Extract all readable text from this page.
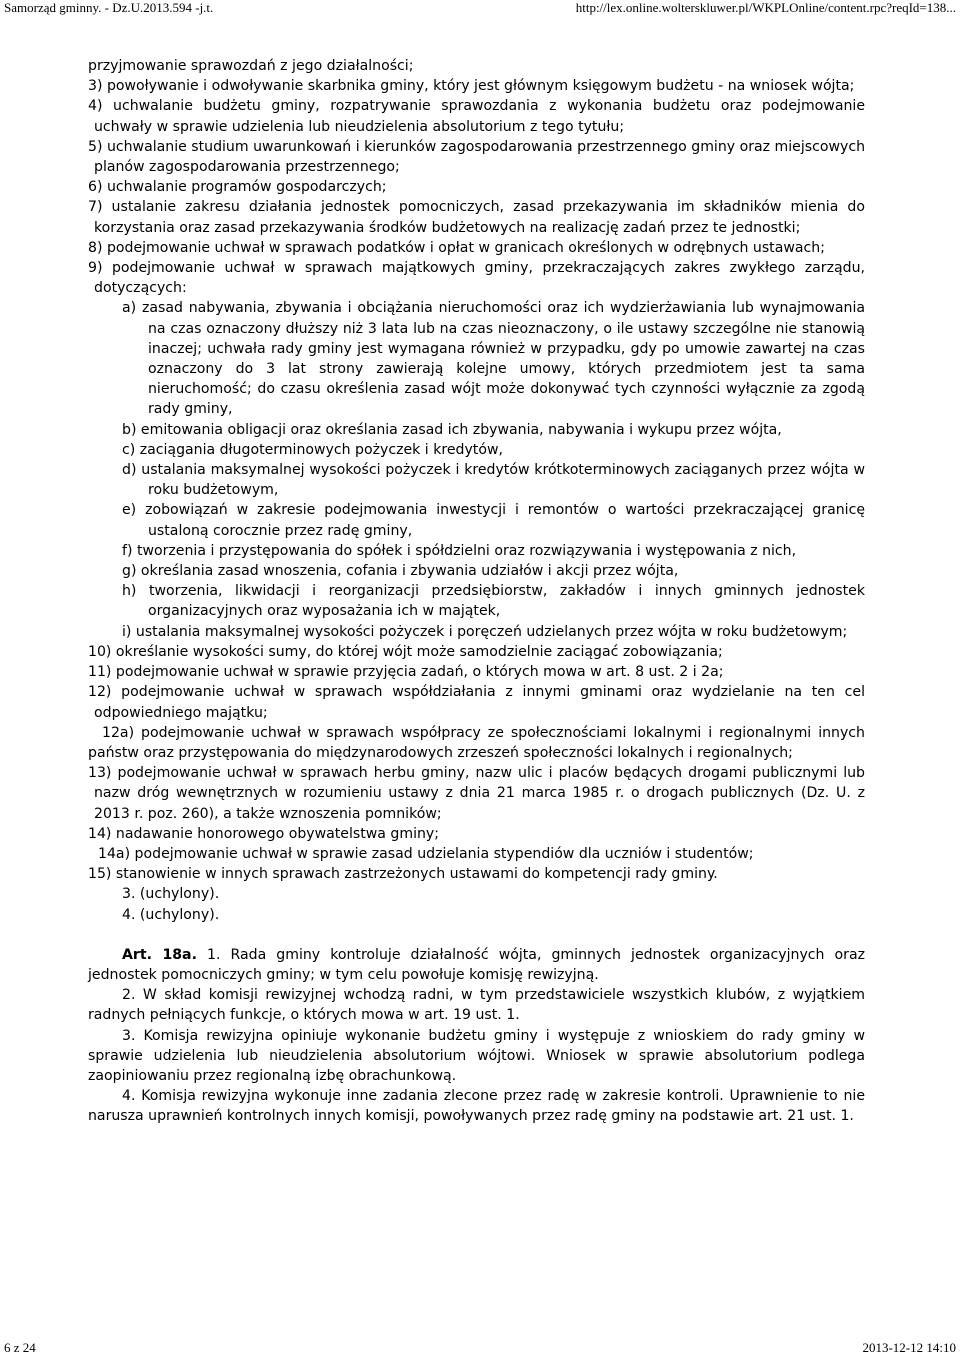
Samorząd gminny. - Dz.U.2013.594 -j.t.	http://lex.online.wolterskluwer.pl/WKPLOnline/content.rpc?reqId=138...

przyjmowanie sprawozdań z jego działalności;

3) powoływanie i odwoływanie skarbnika gminy, który jest głównym księgowym budżetu - na wniosek wójta;

4) uchwalanie budżetu gminy, rozpatrywanie sprawozdania z wykonania budżetu oraz podejmowanie uchwały w sprawie udzielenia lub nieudzielenia absolutorium z tego tytułu;

5) uchwalanie studium uwarunkowań i kierunków zagospodarowania przestrzennego gminy oraz miejscowych planów zagospodarowania przestrzennego;

6) uchwalanie programów gospodarczych;

7) ustalanie zakresu działania jednostek pomocniczych, zasad przekazywania im składników mienia do korzystania oraz zasad przekazywania środków budżetowych na realizację zadań przez te jednostki;

8) podejmowanie uchwał w sprawach podatków i opłat w granicach określonych w odrębnych ustawach;

9) podejmowanie uchwał w sprawach majątkowych gminy, przekraczających zakres zwykłego zarządu, dotyczących:

a) zasad nabywania, zbywania i obciążania nieruchomości oraz ich wydzierżawiania lub wynajmowania na czas oznaczony dłuższy niż 3 lata lub na czas nieoznaczony, o ile ustawy szczególne nie stanowią inaczej; uchwała rady gminy jest wymagana również w przypadku, gdy po umowie zawartej na czas oznaczony do 3 lat strony zawierają kolejne umowy, których przedmiotem jest ta sama nieruchomość; do czasu określenia zasad wójt może dokonywać tych czynności wyłącznie za zgodą rady gminy,

b) emitowania obligacji oraz określania zasad ich zbywania, nabywania i wykupu przez wójta,

c) zaciągania długoterminowych pożyczek i kredytów,

d) ustalania maksymalnej wysokości pożyczek i kredytów krótkoterminowych zaciąganych przez wójta w roku budżetowym,

e) zobowiązań w zakresie podejmowania inwestycji i remontów o wartości przekraczającej granicę ustaloną corocznie przez radę gminy,

f) tworzenia i przystępowania do spółek i spółdzielni oraz rozwiązywania i występowania z nich,

g) określania zasad wnoszenia, cofania i zbywania udziałów i akcji przez wójta,

h) tworzenia, likwidacji i reorganizacji przedsiębiorstw, zakładów i innych gminnych jednostek organizacyjnych oraz wyposażania ich w majątek,

i) ustalania maksymalnej wysokości pożyczek i poręczeń udzielanych przez wójta w roku budżetowym;

10) określanie wysokości sumy, do której wójt może samodzielnie zaciągać zobowiązania;

11) podejmowanie uchwał w sprawie przyjęcia zadań, o których mowa w art. 8 ust. 2 i 2a;

12) podejmowanie uchwał w sprawach współdziałania z innymi gminami oraz wydzielanie na ten cel odpowiedniego majątku;

12a) podejmowanie uchwał w sprawach współpracy ze społecznościami lokalnymi i regionalnymi innych państw oraz przystępowania do międzynarodowych zrzeszeń społeczności lokalnych i regionalnych;

13) podejmowanie uchwał w sprawach herbu gminy, nazw ulic i placów będących drogami publicznymi lub nazw dróg wewnętrznych w rozumieniu ustawy z dnia 21 marca 1985 r. o drogach publicznych (Dz. U. z 2013 r. poz. 260), a także wznoszenia pomników;

14) nadawanie honorowego obywatelstwa gminy;

14a) podejmowanie uchwał w sprawie zasad udzielania stypendiów dla uczniów i studentów;

15) stanowienie w innych sprawach zastrzeżonych ustawami do kompetencji rady gminy.

3. (uchylony).

4. (uchylony).

Art. 18a. 1. Rada gminy kontroluje działalność wójta, gminnych jednostek organizacyjnych oraz jednostek pomocniczych gminy; w tym celu powołuje komisję rewizyjną.

2. W skład komisji rewizyjnej wchodzą radni, w tym przedstawiciele wszystkich klubów, z wyjątkiem radnych pełniących funkcje, o których mowa w art. 19 ust. 1.

3. Komisja rewizyjna opiniuje wykonanie budżetu gminy i występuje z wnioskiem do rady gminy w sprawie udzielenia lub nieudzielenia absolutorium wójtowi. Wniosek w sprawie absolutorium podlega zaopiniowaniu przez regionalną izbę obrachunkową.

4. Komisja rewizyjna wykonuje inne zadania zlecone przez radę w zakresie kontroli. Uprawnienie to nie narusza uprawnień kontrolnych innych komisji, powoływanych przez radę gminy na podstawie art. 21 ust. 1.

6 z 24	2013-12-12 14:10
